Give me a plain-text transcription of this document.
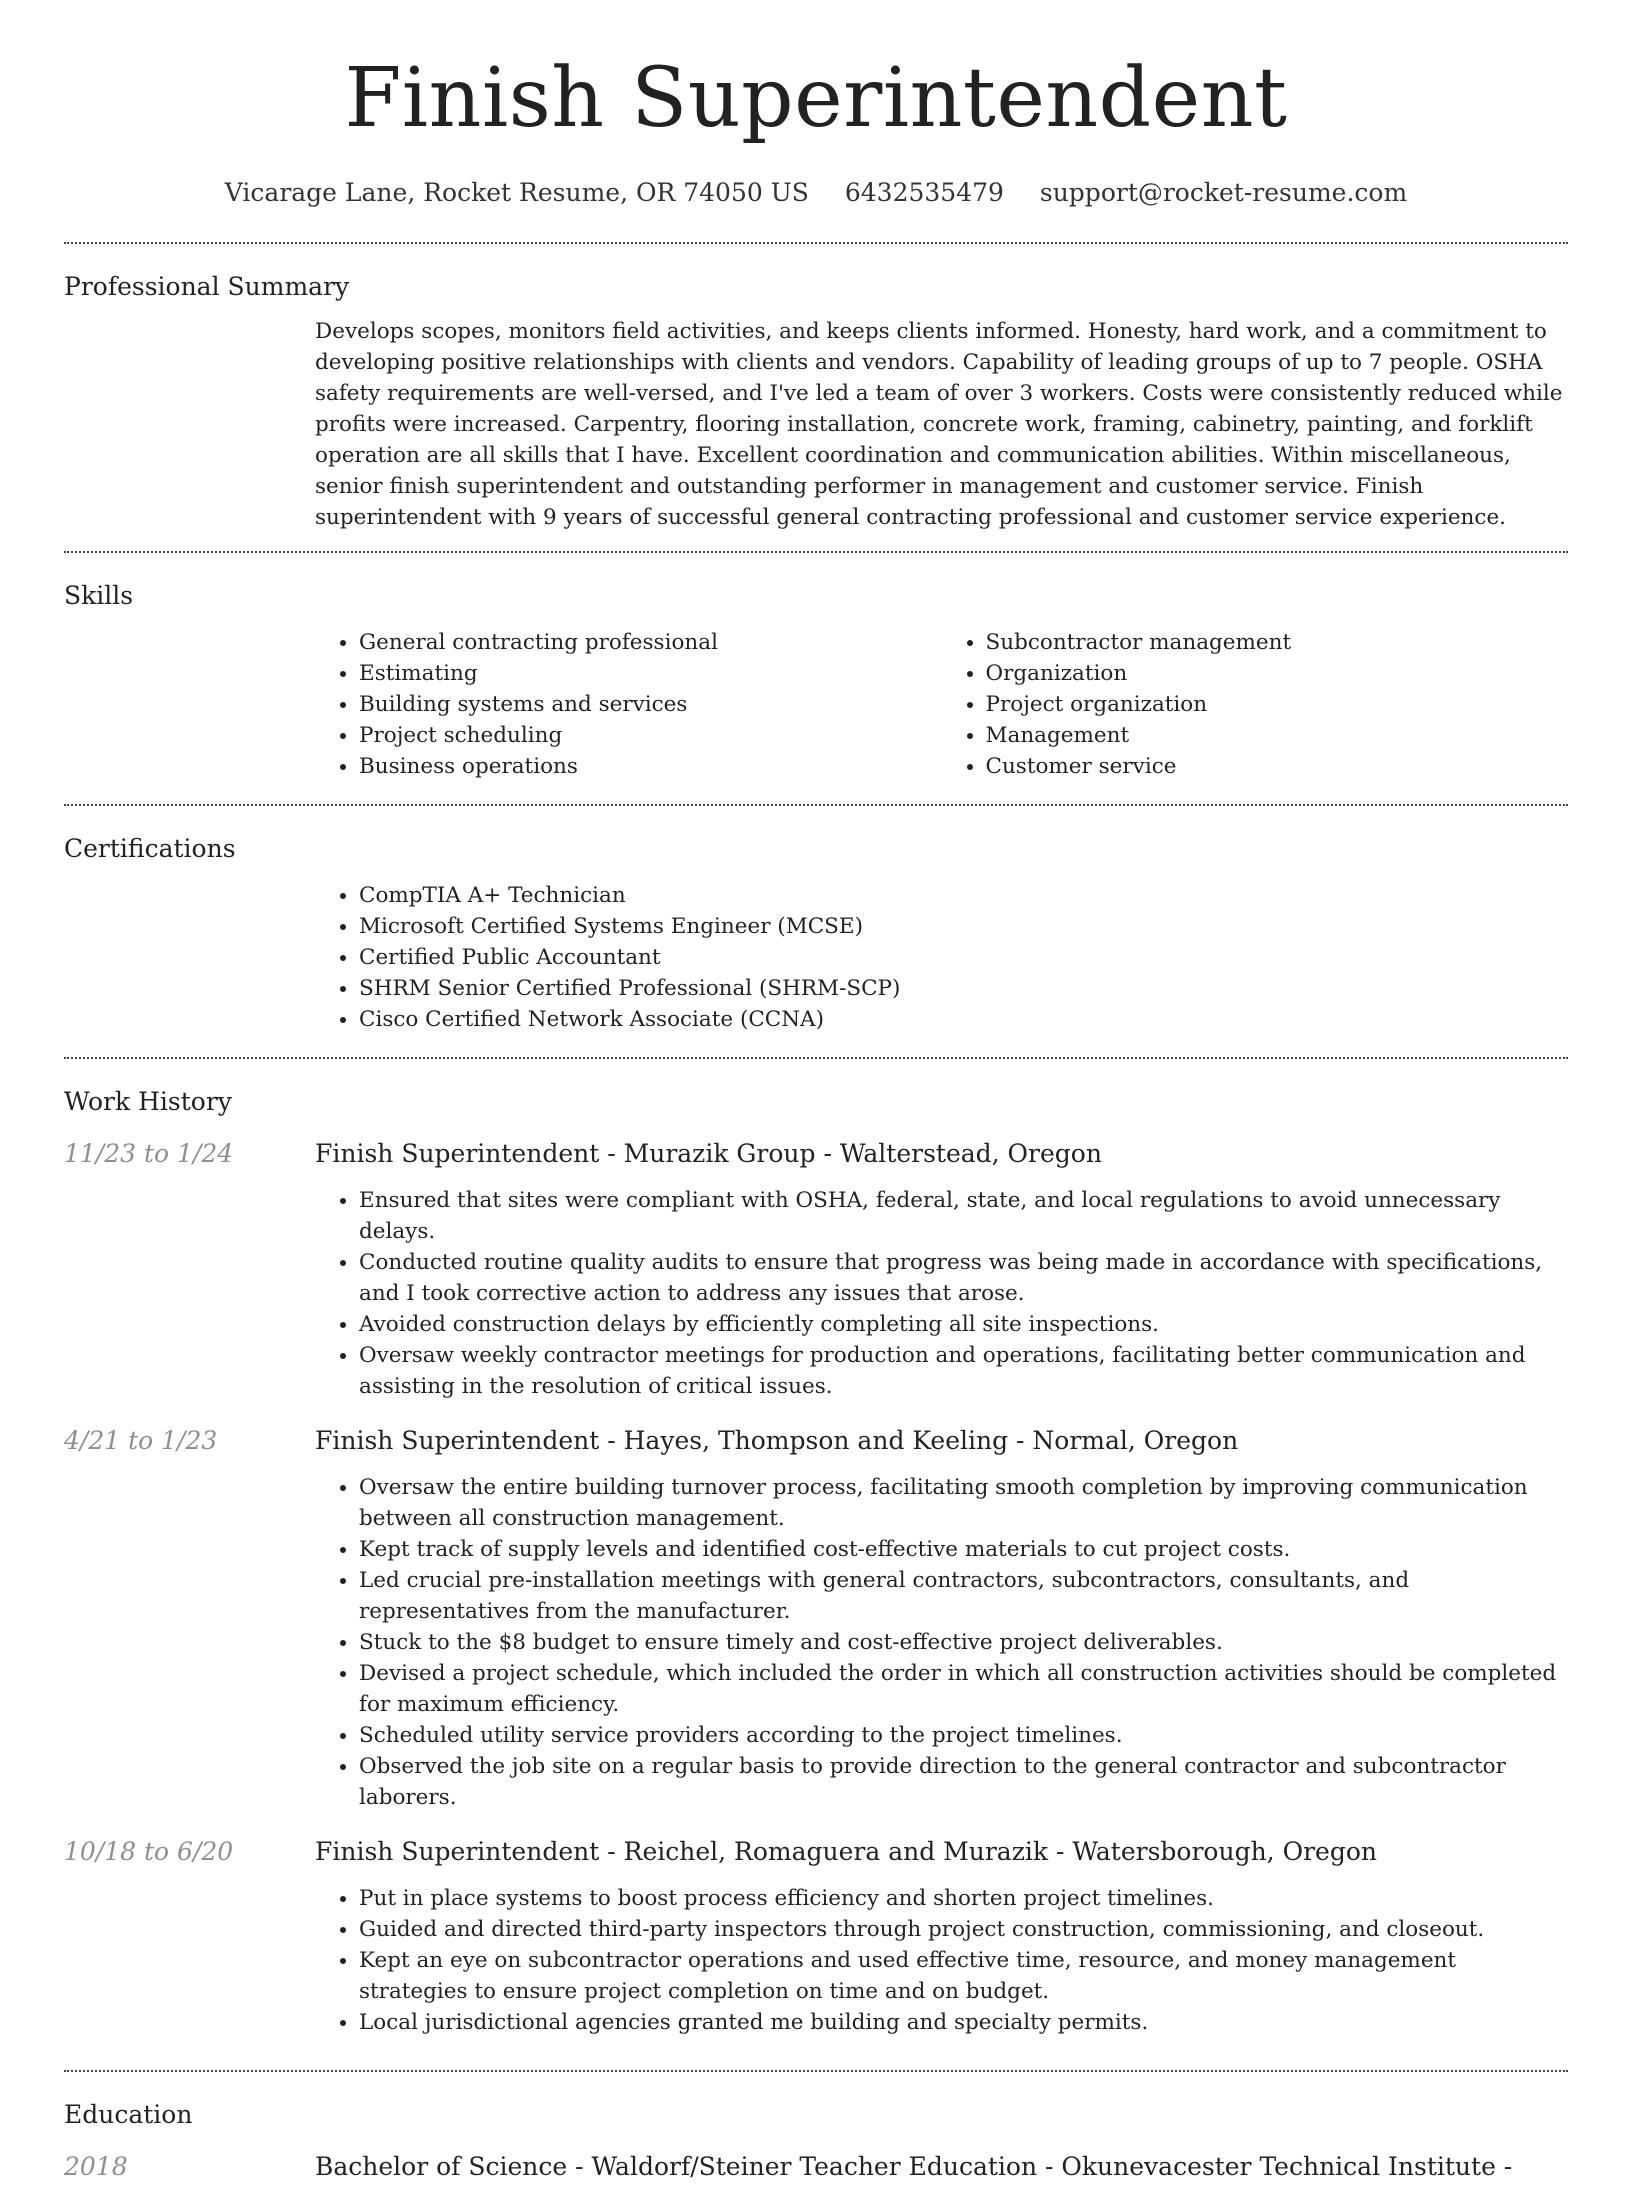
Finish Superintendent
Vicarage Lane, Rocket Resume, OR 74050 US 6432535479 support@rocket-resume.com
Professional Summary
Develops scopes, monitors field activities, and keeps clients informed. Honesty, hard work, and a commitment to developing positive relationships with clients and vendors. Capability of leading groups of up to 7 people. OSHA safety requirements are well-versed, and I've led a team of over 3 workers. Costs were consistently reduced while profits were increased. Carpentry, flooring installation, concrete work, framing, cabinetry, painting, and forklift operation are all skills that I have. Excellent coordination and communication abilities. Within miscellaneous, senior finish superintendent and outstanding performer in management and customer service. Finish superintendent with 9 years of successful general contracting professional and customer service experience.
Skills
• General contracting professional
• Estimating
• Building systems and services
• Project scheduling
• Business operations
• Subcontractor management
• Organization
• Project organization
• Management
• Customer service
Certifications
• CompTIA A+ Technician
• Microsoft Certified Systems Engineer (MCSE)
• Certified Public Accountant
• SHRM Senior Certified Professional (SHRM-SCP)
• Cisco Certified Network Associate (CCNA)
Work History
11/23 to 1/24	Finish Superintendent - Murazik Group - Walterstead, Oregon
• Ensured that sites were compliant with OSHA, federal, state, and local regulations to avoid unnecessary delays.
• Conducted routine quality audits to ensure that progress was being made in accordance with specifications, and I took corrective action to address any issues that arose.
• Avoided construction delays by efficiently completing all site inspections.
• Oversaw weekly contractor meetings for production and operations, facilitating better communication and assisting in the resolution of critical issues.
4/21 to 1/23	Finish Superintendent - Hayes, Thompson and Keeling - Normal, Oregon
• Oversaw the entire building turnover process, facilitating smooth completion by improving communication between all construction management.
• Kept track of supply levels and identified cost-effective materials to cut project costs.
• Led crucial pre-installation meetings with general contractors, subcontractors, consultants, and representatives from the manufacturer.
• Stuck to the $8 budget to ensure timely and cost-effective project deliverables.
• Devised a project schedule, which included the order in which all construction activities should be completed for maximum efficiency.
• Scheduled utility service providers according to the project timelines.
• Observed the job site on a regular basis to provide direction to the general contractor and subcontractor laborers.
10/18 to 6/20	Finish Superintendent - Reichel, Romaguera and Murazik - Watersborough, Oregon
• Put in place systems to boost process efficiency and shorten project timelines.
• Guided and directed third-party inspectors through project construction, commissioning, and closeout.
• Kept an eye on subcontractor operations and used effective time, resource, and money management strategies to ensure project completion on time and on budget.
• Local jurisdictional agencies granted me building and specialty permits.
Education
2018	Bachelor of Science - Waldorf/Steiner Teacher Education - Okunevacester Technical Institute -
